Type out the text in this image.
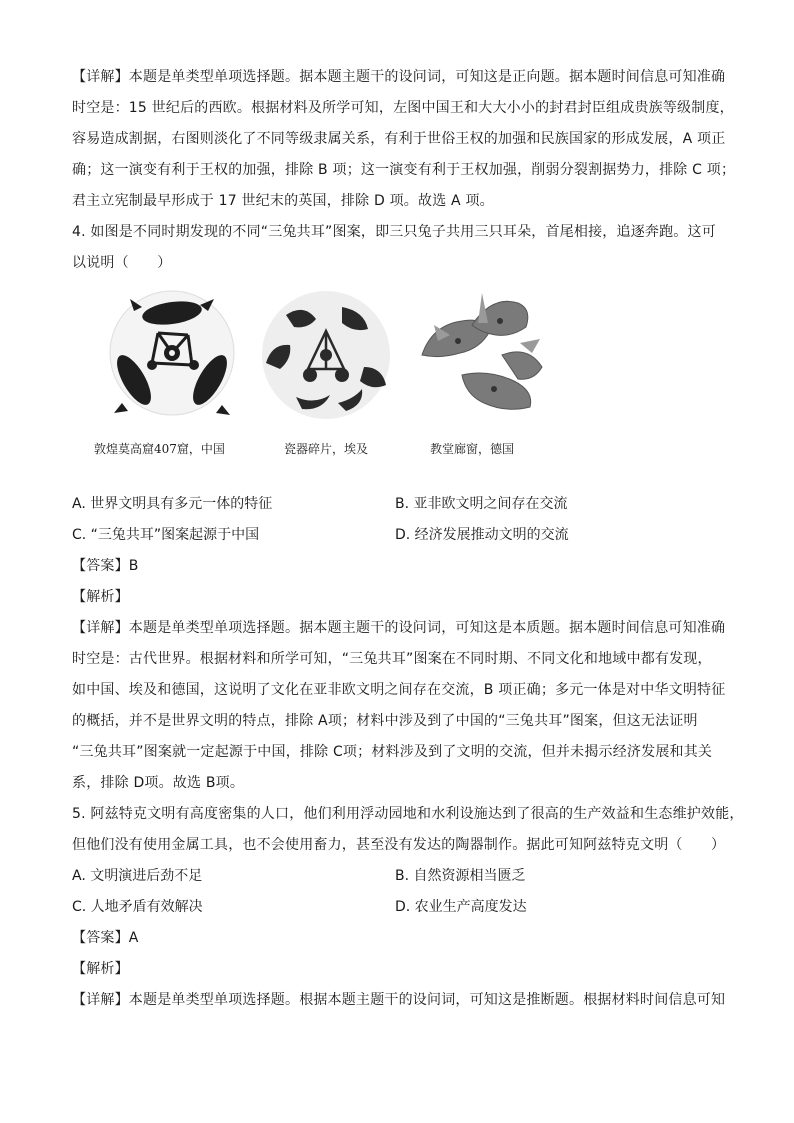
【详解】本题是单类型单项选择题。据本题主题干的设问词，可知这是正向题。据本题时间信息可知准确
时空是：15 世纪后的西欧。根据材料及所学可知，左图中国王和大大小小的封君封臣组成贵族等级制度，
容易造成割据，右图则淡化了不同等级隶属关系，有利于世俗王权的加强和民族国家的形成发展，A 项正
确；这一演变有利于王权的加强，排除 B 项；这一演变有利于王权加强，削弱分裂割据势力，排除 C 项；
君主立宪制最早形成于 17 世纪末的英国，排除 D 项。故选 A 项。
4. 如图是不同时期发现的不同“三兔共耳”图案，即三只兔子共用三只耳朵，首尾相接，追逐奔跑。这可
以说明（　　）
敦煌莫高窟407窟，中国	瓷器碎片，埃及	教堂廊窗，德国
A. 世界文明具有多元一体的特征	B. 亚非欧文明之间存在交流
C. “三兔共耳”图案起源于中国	D. 经济发展推动文明的交流
【答案】B
【解析】
【详解】本题是单类型单项选择题。据本题主题干的设问词，可知这是本质题。据本题时间信息可知准确
时空是：古代世界。根据材料和所学可知，“三兔共耳”图案在不同时期、不同文化和地域中都有发现，
如中国、埃及和德国，这说明了文化在亚非欧文明之间存在交流，B 项正确；多元一体是对中华文明特征
的概括，并不是世界文明的特点，排除 A项；材料中涉及到了中国的“三兔共耳”图案，但这无法证明
“三兔共耳”图案就一定起源于中国，排除 C项；材料涉及到了文明的交流，但并未揭示经济发展和其关
系，排除 D项。故选 B项。
5. 阿兹特克文明有高度密集的人口，他们利用浮动园地和水利设施达到了很高的生产效益和生态维护效能，
但他们没有使用金属工具，也不会使用畜力，甚至没有发达的陶器制作。据此可知阿兹特克文明（　　）
A. 文明演进后劲不足	B. 自然资源相当匮乏
C. 人地矛盾有效解决	D. 农业生产高度发达
【答案】A
【解析】
【详解】本题是单类型单项选择题。根据本题主题干的设问词，可知这是推断题。根据材料时间信息可知
